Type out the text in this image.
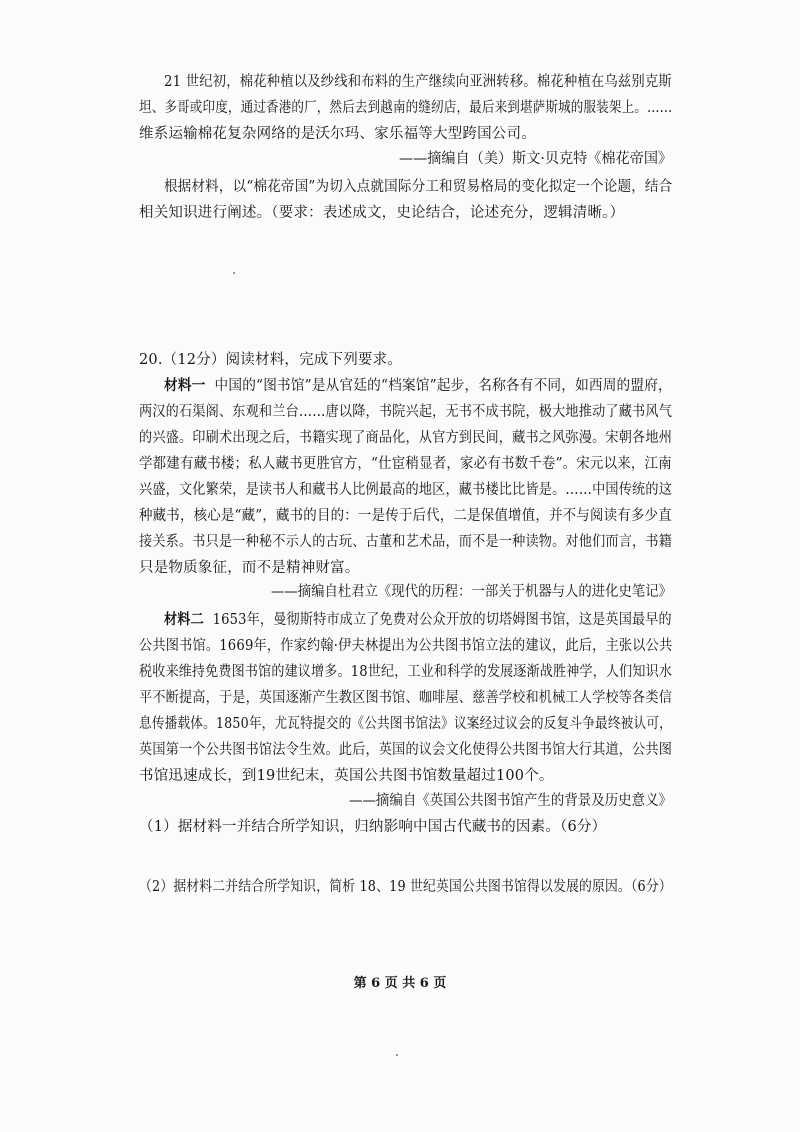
21 世纪初，棉花种植以及纱线和布料的生产继续向亚洲转移。棉花种植在乌兹别克斯
坦、多哥或印度，通过香港的厂，然后去到越南的缝纫店，最后来到堪萨斯城的服装架上。……
维系运输棉花复杂网络的是沃尔玛、家乐福等大型跨国公司。
——摘编自（美）斯文·贝克特《棉花帝国》
根据材料，以“棉花帝国”为切入点就国际分工和贸易格局的变化拟定一个论题，结合
相关知识进行阐述。（要求：表述成文，史论结合，论述充分，逻辑清晰。）
20.（12分）阅读材料，完成下列要求。
材料一 中国的“图书馆”是从官廷的“档案馆”起步，名称各有不同，如西周的盟府，
两汉的石渠阁、东观和兰台……唐以降，书院兴起，无书不成书院，极大地推动了藏书风气
的兴盛。印刷术出现之后，书籍实现了商品化，从官方到民间，藏书之风弥漫。宋朝各地州
学都建有藏书楼；私人藏书更胜官方，“仕宦稍显者，家必有书数千卷”。宋元以来，江南
兴盛，文化繁荣，是读书人和藏书人比例最高的地区，藏书楼比比皆是。……中国传统的这
种藏书，核心是“藏”，藏书的目的：一是传于后代，二是保值增值，并不与阅读有多少直
接关系。书只是一种秘不示人的古玩、古董和艺术品，而不是一种读物。对他们而言，书籍
只是物质象征，而不是精神财富。
——摘编自杜君立《现代的历程：一部关于机器与人的进化史笔记》
材料二 1653年，曼彻斯特市成立了免费对公众开放的切塔姆图书馆，这是英国最早的
公共图书馆。1669年，作家约翰·伊夫林提出为公共图书馆立法的建议，此后，主张以公共
税收来维持免费图书馆的建议增多。18世纪，工业和科学的发展逐渐战胜神学，人们知识水
平不断提高，于是，英国逐渐产生教区图书馆、咖啡屋、慈善学校和机械工人学校等各类信
息传播载体。1850年，尤瓦特提交的《公共图书馆法》议案经过议会的反复斗争最终被认可，
英国第一个公共图书馆法令生效。此后，英国的议会文化使得公共图书馆大行其道，公共图
书馆迅速成长，到19世纪末，英国公共图书馆数量超过100个。
——摘编自《英国公共图书馆产生的背景及历史意义》
（1）据材料一并结合所学知识，归纳影响中国古代藏书的因素。（6分）
（2）据材料二并结合所学知识，简析 18、19 世纪英国公共图书馆得以发展的原因。（6分）
第 6 页 共 6 页
